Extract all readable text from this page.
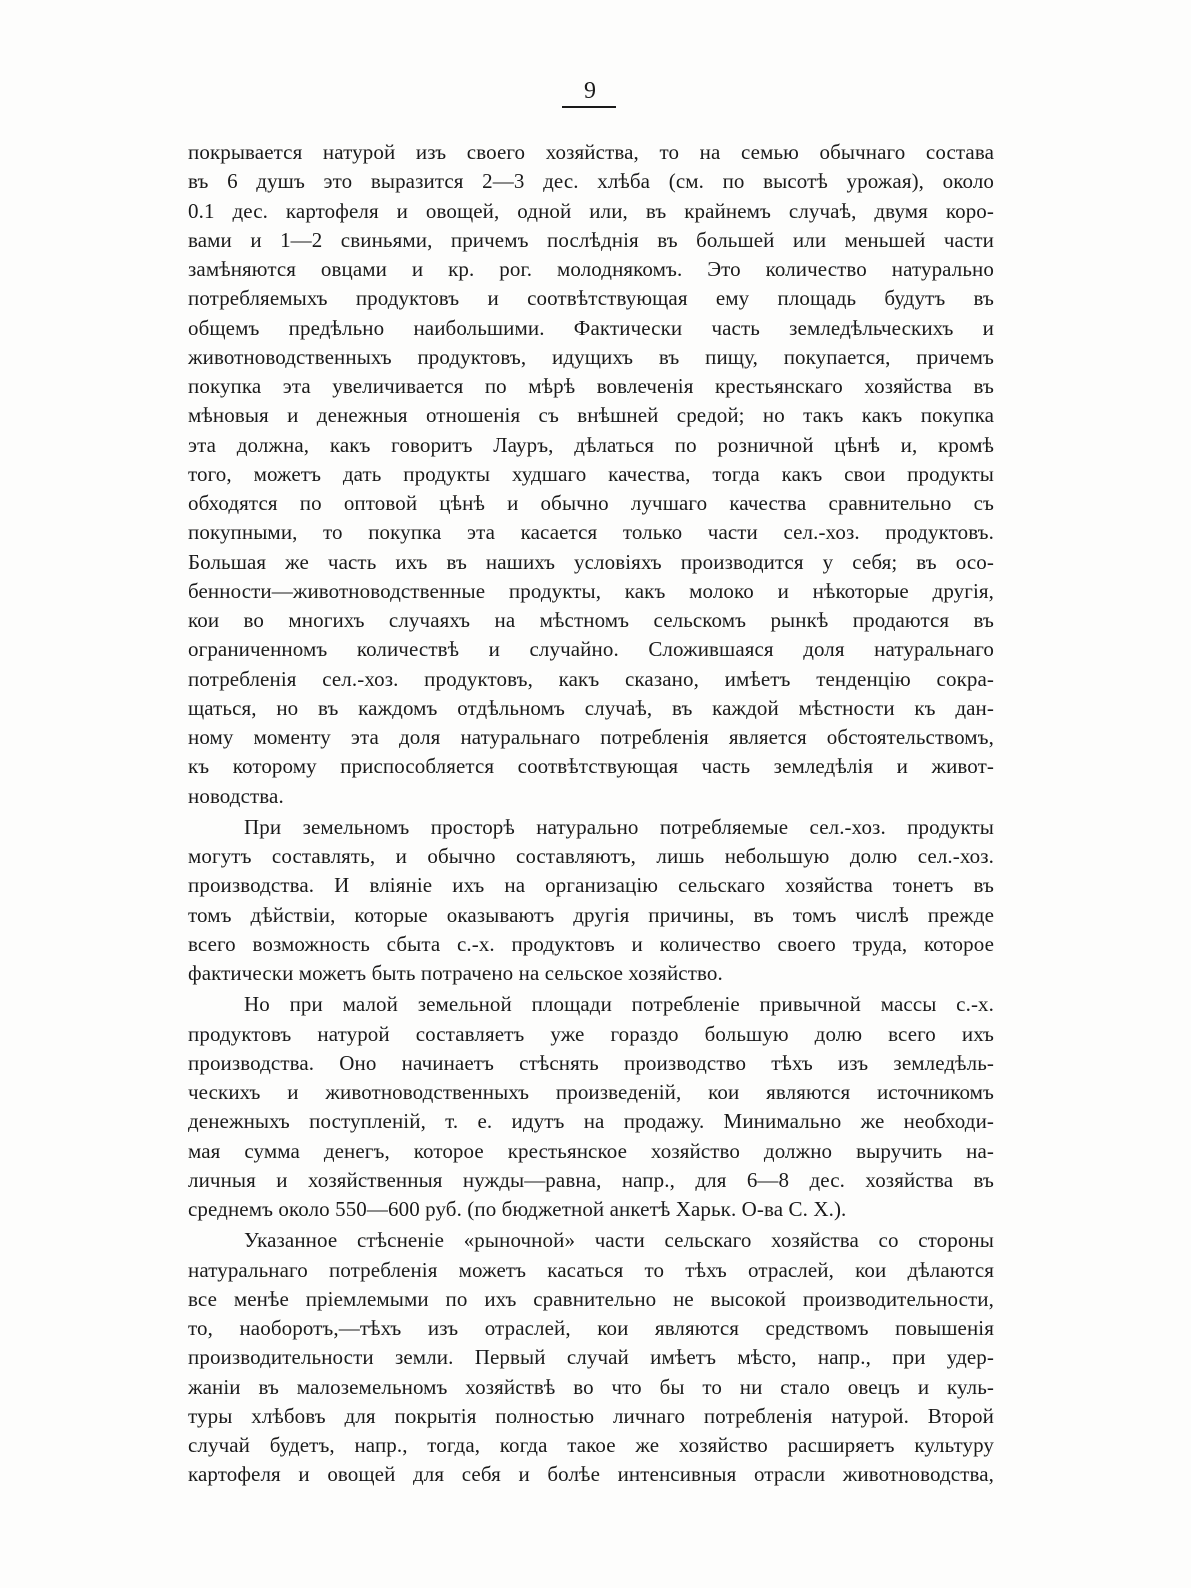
9
покрывается натурой изъ своего хозяйства, то на семью обычнаго состава
въ 6 душъ это выразится 2—3 дес. хлѣба (см. по высотѣ урожая), около
0.1 дес. картофеля и овощей, одной или, въ крайнемъ случаѣ, двумя коро-
вами и 1—2 свиньями, причемъ послѣднія въ большей или меньшей части
замѣняются овцами и кр. рог. молоднякомъ. Это количество натурально
потребляемыхъ продуктовъ и соотвѣтствующая ему площадь будутъ въ
общемъ предѣльно наибольшими. Фактически часть земледѣльческихъ и
животноводственныхъ продуктовъ, идущихъ въ пищу, покупается, причемъ
покупка эта увеличивается по мѣрѣ вовлеченія крестьянскаго хозяйства въ
мѣновыя и денежныя отношенія съ внѣшней средой; но такъ какъ покупка
эта должна, какъ говоритъ Лауръ, дѣлаться по розничной цѣнѣ и, кромѣ
того, можетъ дать продукты худшаго качества, тогда какъ свои продукты
обходятся по оптовой цѣнѣ и обычно лучшаго качества сравнительно съ
покупными, то покупка эта касается только части сел.-хоз. продуктовъ.
Большая же часть ихъ въ нашихъ условіяхъ производится у себя; въ осо-
бенности—животноводственные продукты, какъ молоко и нѣкоторые другія,
кои во многихъ случаяхъ на мѣстномъ сельскомъ рынкѣ продаются въ
ограниченномъ количествѣ и случайно. Сложившаяся доля натуральнаго
потребленія сел.-хоз. продуктовъ, какъ сказано, имѣетъ тенденцію сокра-
щаться, но въ каждомъ отдѣльномъ случаѣ, въ каждой мѣстности къ дан-
ному моменту эта доля натуральнаго потребленія является обстоятельствомъ,
къ которому приспособляется соотвѣтствующая часть земледѣлія и живот-
новодства.
При земельномъ просторѣ натурально потребляемые сел.-хоз. продукты
могутъ составлять, и обычно составляютъ, лишь небольшую долю сел.-хоз.
производства. И вліяніе ихъ на организацію сельскаго хозяйства тонетъ въ
томъ дѣйствіи, которые оказываютъ другія причины, въ томъ числѣ прежде
всего возможность сбыта с.-х. продуктовъ и количество своего труда, которое
фактически можетъ быть потрачено на сельское хозяйство.
Но при малой земельной площади потребленіе привычной массы с.-х.
продуктовъ натурой составляетъ уже гораздо большую долю всего ихъ
производства. Оно начинаетъ стѣснять производство тѣхъ изъ земледѣль-
ческихъ и животноводственныхъ произведеній, кои являются источникомъ
денежныхъ поступленій, т. е. идутъ на продажу. Минимально же необходи-
мая сумма денегъ, которое крестьянское хозяйство должно выручить на-
личныя и хозяйственныя нужды—равна, напр., для 6—8 дес. хозяйства въ
среднемъ около 550—600 руб. (по бюджетной анкетѣ Харьк. О-ва С. Х.).
Указанное стѣсненіе «рыночной» части сельскаго хозяйства со стороны
натуральнаго потребленія можетъ касаться то тѣхъ отраслей, кои дѣлаются
все менѣе пріемлемыми по ихъ сравнительно не высокой производительности,
то, наоборотъ,—тѣхъ изъ отраслей, кои являются средствомъ повышенія
производительности земли. Первый случай имѣетъ мѣсто, напр., при удер-
жаніи въ малоземельномъ хозяйствѣ во что бы то ни стало овецъ и куль-
туры хлѣбовъ для покрытія полностью личнаго потребленія натурой. Второй
случай будетъ, напр., тогда, когда такое же хозяйство расширяетъ культуру
картофеля и овощей для себя и болѣе интенсивныя отрасли животноводства,
